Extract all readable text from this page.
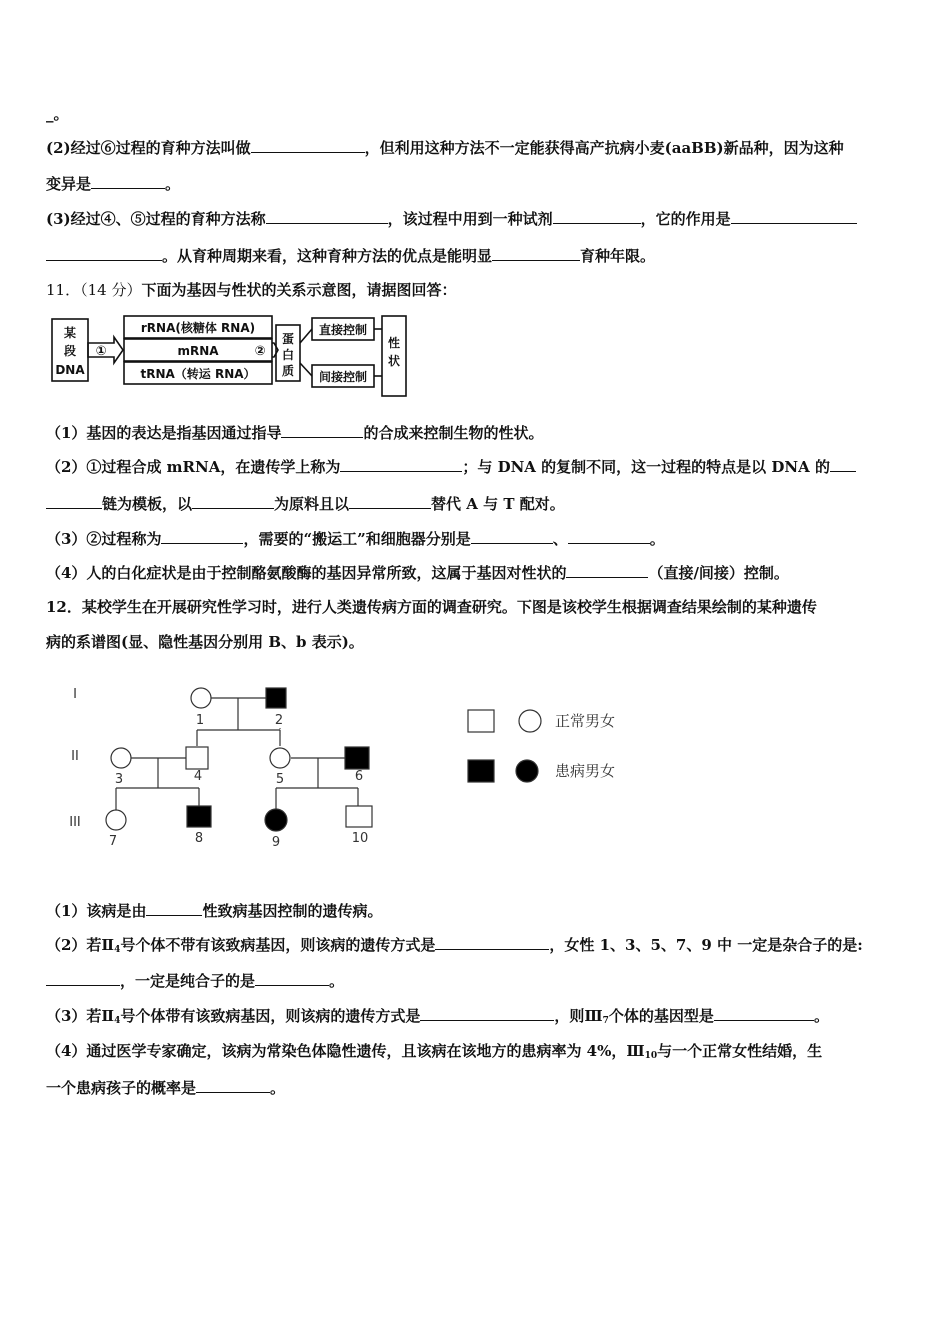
_。
(2)经过⑥过程的育种方法叫做	，但利用这种方法不一定能获得高产抗病小麦(aaBB)新品种，因为这种
变异是	。
(3)经过④、⑤过程的育种方法称	，该过程中用到一种试剂	，它的作用是
。从育种周期来看，这种育种方法的优点是能明显	育种年限。
11．（14 分）下面为基因与性状的关系示意图，请据图回答：
某
段
DNA
①
rRNA(核糖体 RNA)
mRNA
tRNA（转运 RNA）
②
蛋
白
质
直接控制
间接控制
性
状
（1）基因的表达是指基因通过指导	的合成来控制生物的性状。
（2）①过程合成 mRNA，在遗传学上称为	；与 DNA 的复制不同，这一过程的特点是以 DNA 的
链为模板，以	为原料且以	替代 A 与 T 配对。
（3）②过程称为	，需要的“搬运工”和细胞器分别是	、	。
（4）人的白化症状是由于控制酪氨酸酶的基因异常所致，这属于基因对性状的	（直接/间接）控制。
12．某校学生在开展研究性学习时，进行人类遗传病方面的调查研究。下图是该校学生根据调查结果绘制的某种遗传
病的系谱图(显、隐性基因分别用 B、b 表示)。
I
II
III
1	2
i
3	4	5	6
7	8	9	10
正常男女
患病男女
（1）该病是由	性致病基因控制的遗传病。
（2）若$Ⅱ_4$号个体不带有该致病基因，则该病的遗传方式是	，女性 1、3、5、7、9 中 一定是杂合子的是:
，一定是纯合子的是	。
（3）若$Ⅱ_4$号个体带有该致病基因，则该病的遗传方式是	，则$Ⅲ_7$个体的基因型是	。
（4）通过医学专家确定，该病为常染色体隐性遗传，且该病在该地方的患病率为 4%，$Ⅲ_{10}$与一个正常女性结婚，生
一个患病孩子的概率是	。
